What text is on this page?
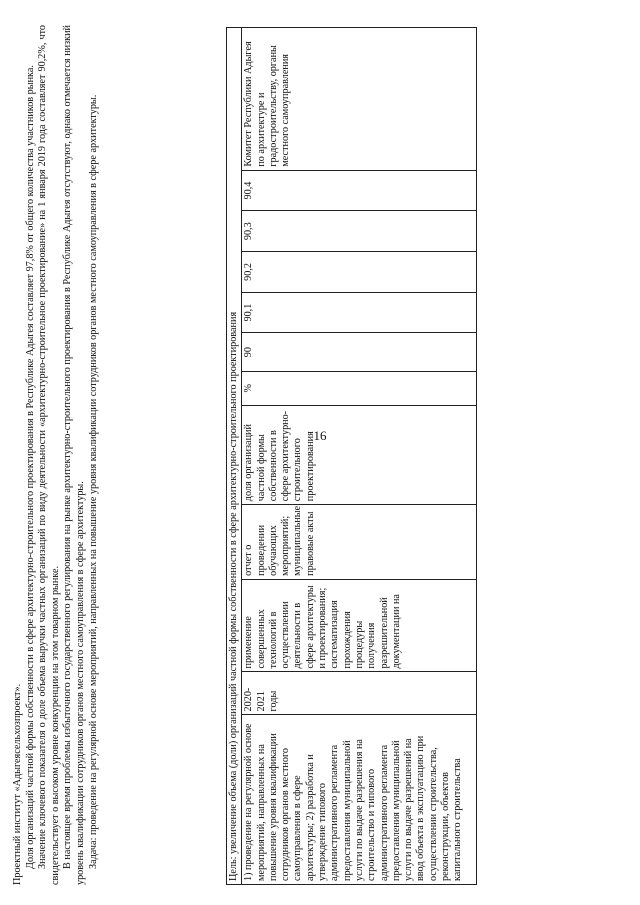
16

Проектный институт «Адыгеясельхозпроект». Доля организаций частной формы собственности в сфере архитектурно-строительного проектирования в Республике Адыгея составляет 97,8% от общего количества участников рынка. Значение ключевого показателя о доле объема выручки частных организаций по виду деятельности «архитектурно-строительное проектирование» на 1 января 2019 года составляет 90,2%, что свидетельствует о высоком уровне конкуренции на этом товарном рынке. В настоящее время проблемы избыточного государственного регулирования на рынке архитектурно-строительного проектирования в Республике Адыгея отсутствуют, однако отмечается низкий уровень квалификации сотрудников органов местного самоуправления в сфере архитектуры. Задача: проведение на регулярной основе мероприятий, направленных на повышение уровня квалификации сотрудников органов местного самоуправления в сфере архитектуры.	Цель: увеличение объема (доли) организаций частной формы собственности в сфере архитектурно-строительного проектирования
1) проведение на регулярной основе мероприятий, направленных на повышение уровня квалификации сотрудников органов местного самоуправления в сфере архитектуры; 2) разработка и утверждение типового административного регламента предоставления муниципальной услуги по выдаче разрешения на строительство и типового административного регламента предоставления муниципальной услуги по выдаче разрешений на ввод объекта в эксплуатацию при осуществлении строительства, реконструкции, объектов капитального строительства	2020-2021 годы	применение совершенных технологий в осуществлении деятельности в сфере архитектуры и проектирования; систематизация прохождения процедуры получения разрешительной документации на	отчет о проведении обучающих мероприятий; муниципальные правовые акты	доля организаций частной формы собственности в сфере архитектурно-строительного проектирования	%	90	90,1	90,2	90,3	90,4	Комитет Республики Адыгея по архитектуре и градостроительству, органы местного самоуправления
